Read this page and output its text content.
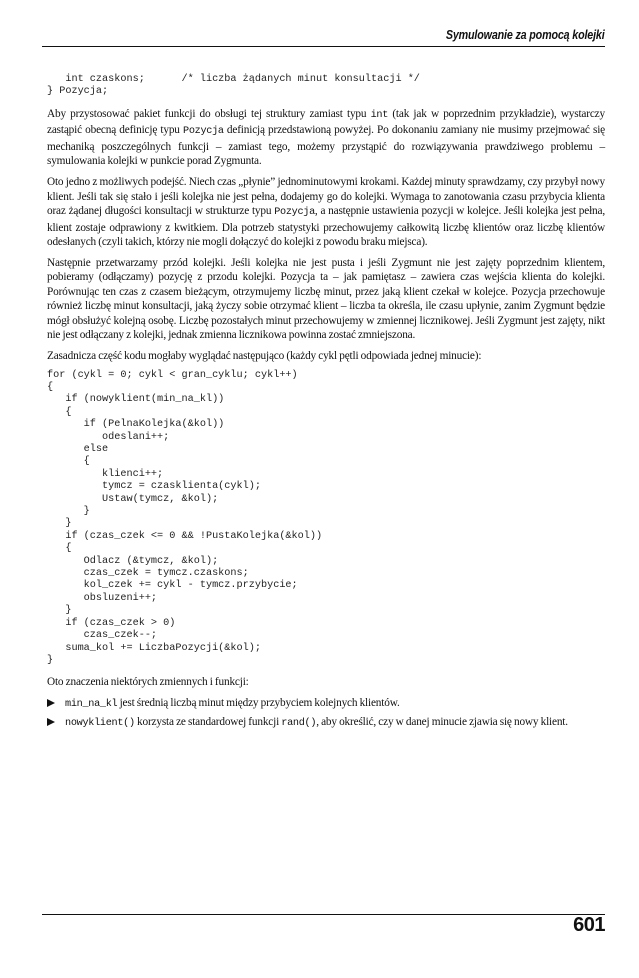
Symulowanie za pomocą kolejki
int czaskons;      /* liczba żądanych minut konsultacji */
} Pozycja;

Aby przystosować pakiet funkcji do obsługi tej struktury zamiast typu int (tak jak w poprzednim przykładzie), wystarczy zastąpić obecną definicję typu Pozycja definicją przedstawioną powyżej. Po dokonaniu zamiany nie musimy przejmować się mechaniką poszczególnych funkcji – zamiast tego, możemy przystąpić do rozwiązywania prawdziwego problemu – symulowania kolejki w punkcie porad Zygmunta.

Oto jedno z możliwych podejść. Niech czas „płynie” jednominutowymi krokami. Każdej minuty sprawdzamy, czy przybył nowy klient. Jeśli tak się stało i jeśli kolejka nie jest pełna, dodajemy go do kolejki. Wymaga to zanotowania czasu przybycia klienta oraz żądanej długości konsultacji w strukturze typu Pozycja, a następnie ustawienia pozycji w kolejce. Jeśli kolejka jest pełna, klient zostaje odprawiony z kwitkiem. Dla potrzeb statystyki przechowujemy całkowitą liczbę klientów oraz liczbę klientów odesłanych (czyli takich, którzy nie mogli dołączyć do kolejki z powodu braku miejsca).

Następnie przetwarzamy przód kolejki. Jeśli kolejka nie jest pusta i jeśli Zygmunt nie jest zajęty poprzednim klientem, pobieramy (odłączamy) pozycję z przodu kolejki. Pozycja ta – jak pamiętasz – zawiera czas wejścia klienta do kolejki. Porównując ten czas z czasem bieżącym, otrzymujemy liczbę minut, przez jaką klient czekał w kolejce. Pozycja przechowuje również liczbę minut konsultacji, jaką życzy sobie otrzymać klient – liczba ta określa, ile czasu upłynie, zanim Zygmunt będzie mógł obsłużyć kolejną osobę. Liczbę pozostałych minut przechowujemy w zmiennej licznikowej. Jeśli Zygmunt jest zajęty, nikt nie jest odłączany z kolejki, jednak zmienna licznikowa powinna zostać zmniejszona.

Zasadnicza część kodu mogłaby wyglądać następująco (każdy cykl pętli odpowiada jednej minucie):

for (cykl = 0; cykl < gran_cyklu; cykl++)
{
if (nowyklient(min_na_kl))
{
if (PelnaKolejka(&kol))
odeslani++;
else
{
klienci++;
tymcz = czasklienta(cykl);
Ustaw(tymcz, &kol);
}
}
if (czas_czek <= 0 && !PustaKolejka(&kol))
{
Odlacz (&tymcz, &kol);
czas_czek = tymcz.czaskons;
kol_czek += cykl - tymcz.przybycie;
obsluzeni++;
}
if (czas_czek > 0)
czas_czek--;
suma_kol += LiczbaPozycji(&kol);
}

Oto znaczenia niektórych zmiennych i funkcji:

min_na_kl jest średnią liczbą minut między przybyciem kolejnych klientów.
nowyklient() korzysta ze standardowej funkcji rand(), aby określić, czy w danej minucie zjawia się nowy klient.
601
